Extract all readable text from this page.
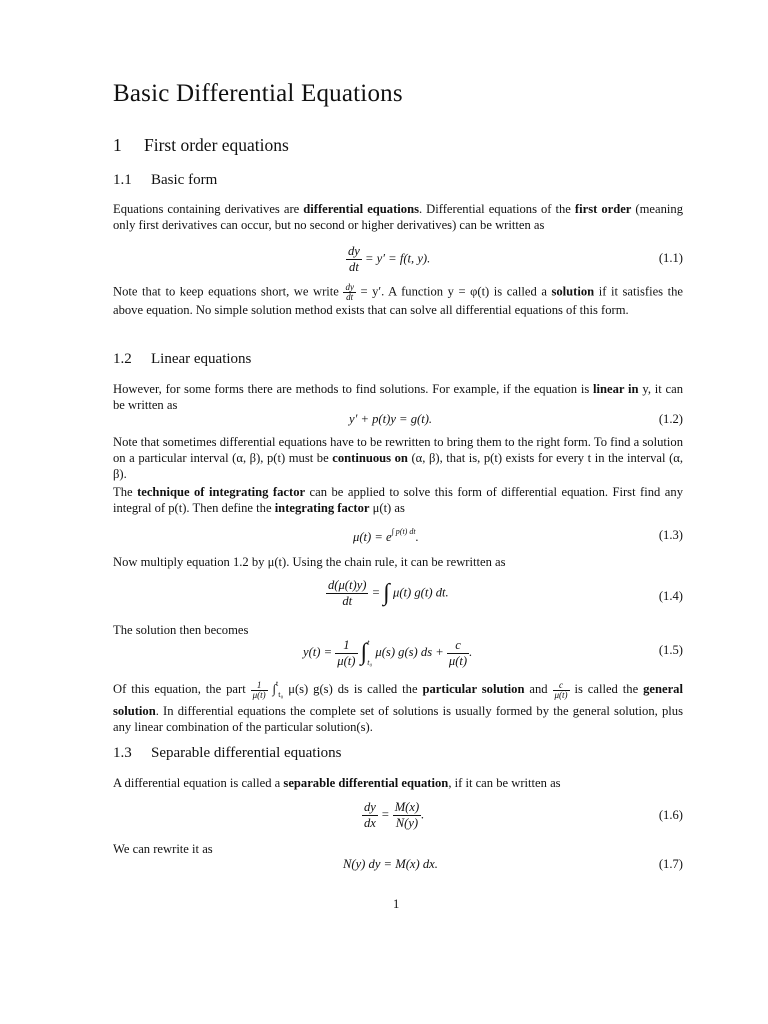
Basic Differential Equations
1 First order equations
1.1 Basic form

Equations containing derivatives are differential equations. Differential equations of the first order (meaning only first derivatives can occur, but no second or higher derivatives) can be written as

$\frac{dy}{dt} = y' = f(t$, y).	(1.1)

Note that to keep equations short, we write $\frac{dy}{dt} = y'$. A function y = φ(t) is called a solution if it satisfies the above equation. No simple solution method exists that can solve all differential equations of this form.

1.2 Linear equations

However, for some forms there are methods to find solutions. For example, if the equation is linear in y, it can be written as

y′ + p(t)y = g(t).	(1.2)

Note that sometimes differential equations have to be rewritten to bring them to the right form. To find a solution on a particular interval (α, β), p(t) must be continuous on (α, β), that is, p(t) exists for every t in the interval (α, β).

The technique of integrating factor can be applied to solve this form of differential equation. First find any integral of p(t). Then define the integrating factor μ(t) as

$\mu(t) = e^{\int p(t) dt}$.	(1.3)

Now multiply equation 1.2 by μ(t). Using the chain rule, it can be rewritten as

$\frac{d(\mu(t)y)}{dt}$ = ∫ μ(t) g(t) dt.	(1.4)

The solution then becomes

$y(t) = \frac{1}{\mu(t)}$ ∫ t
t₀
μ(s) g(s) ds + $\frac{c}{\mu(t)}$ .	(1.5)

Of this equation, the part $\frac{1}{\mu(t)} \int^t_{t_0}$ μ(s) g(s) ds is called the particular solution and $\frac{c}{\mu(t)}$ is called the general solution. In differential equations the complete set of solutions is usually formed by the general solution, plus any linear combination of the particular solution(s).

1.3 Separable differential equations

A differential equation is called a separable differential equation, if it can be written as

$\frac{dy}{dx} = \frac{M(x)}{N(y)}$ .	(1.6)

We can rewrite it as

N(y) dy = M(x) dx.	(1.7)
1
